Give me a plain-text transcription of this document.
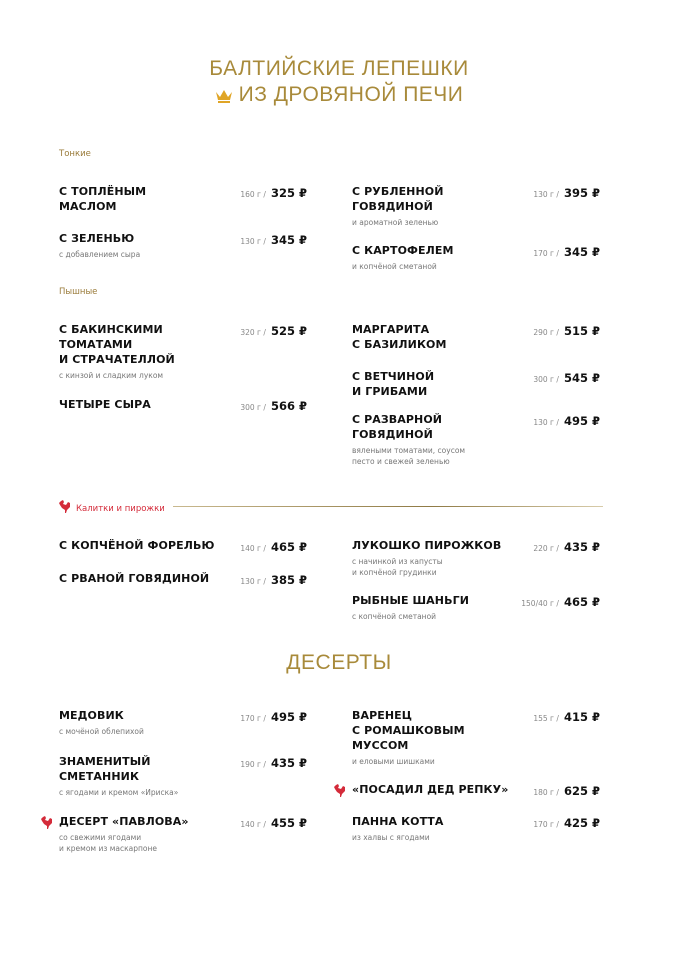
БАЛТИЙСКИЕ ЛЕПЕШКИ
ИЗ ДРОВЯНОЙ ПЕЧИ
Тонкие
Пышные
Калитки и пирожки
ДЕСЕРТЫ
С ТОПЛЁНЫМ
МАСЛОМ
160 г / 325 ₽
С ЗЕЛЕНЬЮ	130 г / 345 ₽
с добавлением сыра
С РУБЛЕННОЙ
ГОВЯДИНОЙ
130 г / 395 ₽
и ароматной зеленью
С КАРТОФЕЛЕМ	170 г / 345 ₽
и копчёной сметаной
С БАКИНСКИМИ
ТОМАТАМИ
И СТРАЧАТЕЛЛОЙ
320 г / 525 ₽
с кинзой и сладким луком
ЧЕТЫРЕ СЫРА	300 г / 566 ₽
МАРГАРИТА
С БАЗИЛИКОМ
290 г / 515 ₽
С ВЕТЧИНОЙ
И ГРИБАМИ
300 г / 545 ₽
С РАЗВАРНОЙ
ГОВЯДИНОЙ
130 г / 495 ₽
вялеными томатами, соусом
песто и свежей зеленью
С КОПЧЁНОЙ ФОРЕЛЬЮ	140 г / 465 ₽
С РВАНОЙ ГОВЯДИНОЙ	130 г / 385 ₽
ЛУКОШКО ПИРОЖКОВ	220 г / 435 ₽
с начинкой из капусты
и копчёной грудинки
РЫБНЫЕ ШАНЬГИ	150/40 г / 465 ₽
с копчёной сметаной
МЕДОВИК	170 г / 495 ₽
с мочёной облепихой
ЗНАМЕНИТЫЙ
СМЕТАННИК
190 г / 435 ₽
с ягодами и кремом «Ириска»
ДЕСЕРТ «ПАВЛОВА»	140 г / 455 ₽
со свежими ягодами
и кремом из маскарпоне
ВАРЕНЕЦ
С РОМАШКОВЫМ
МУССОМ
155 г / 415 ₽
и еловыми шишками
«ПОСАДИЛ ДЕД РЕПКУ»	180 г / 625 ₽
ПАННА КОТТА	170 г / 425 ₽
из халвы с ягодами
